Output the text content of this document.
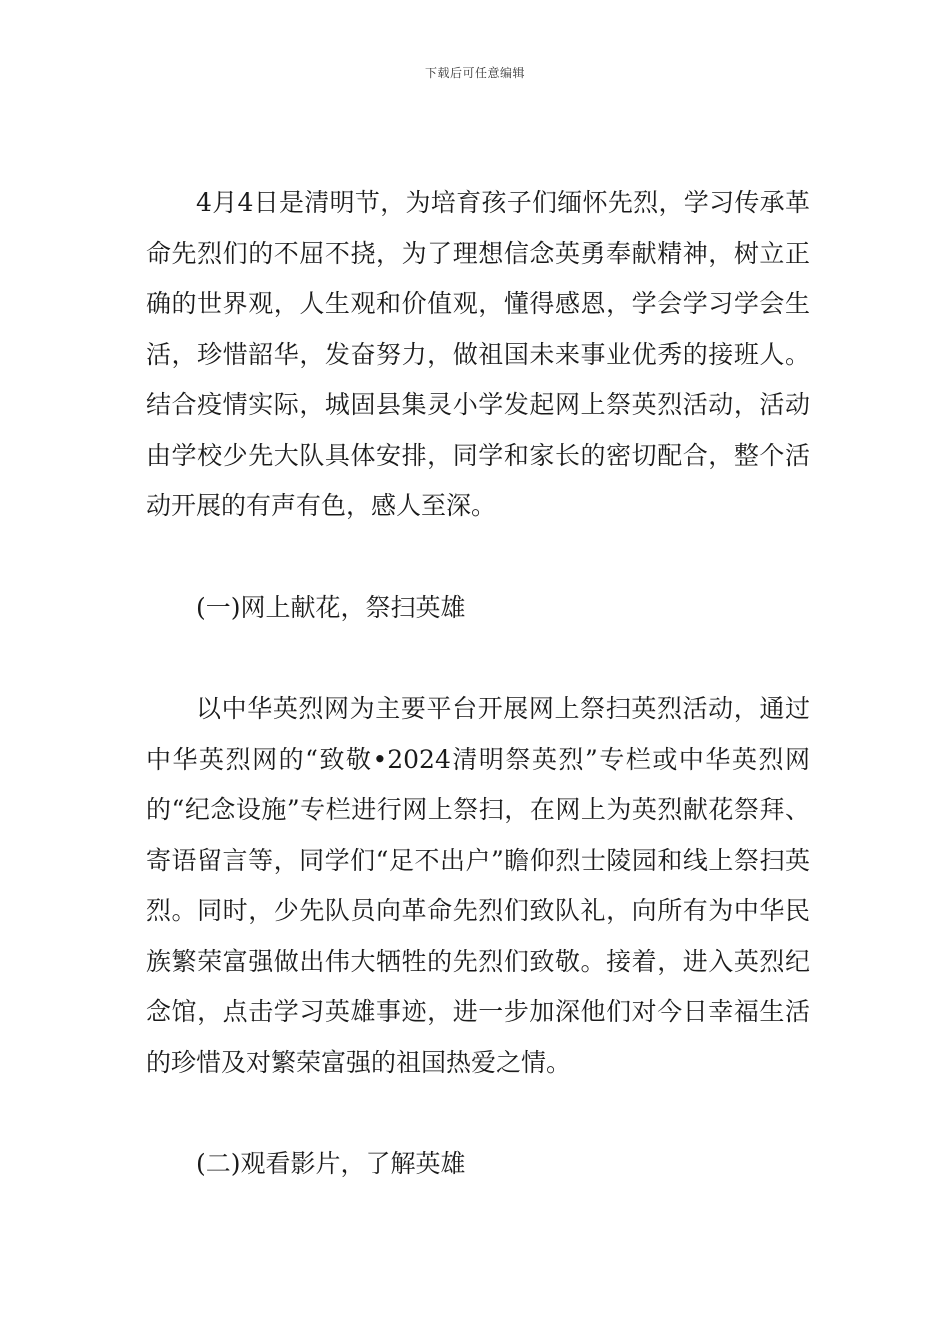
下载后可任意编辑

4月4日是清明节，为培育孩子们缅怀先烈，学习传承革命先烈们的不屈不挠，为了理想信念英勇奉献精神，树立正确的世界观，人生观和价值观，懂得感恩，学会学习学会生活，珍惜韶华，发奋努力，做祖国未来事业优秀的接班人。结合疫情实际，城固县集灵小学发起网上祭英烈活动，活动由学校少先大队具体安排，同学和家长的密切配合，整个活动开展的有声有色，感人至深。

(一)网上献花，祭扫英雄

以中华英烈网为主要平台开展网上祭扫英烈活动，通过中华英烈网的“致敬•2024清明祭英烈”专栏或中华英烈网的“纪念设施”专栏进行网上祭扫，在网上为英烈献花祭拜、寄语留言等，同学们“足不出户”瞻仰烈士陵园和线上祭扫英烈。同时，少先队员向革命先烈们致队礼，向所有为中华民族繁荣富强做出伟大牺牲的先烈们致敬。接着，进入英烈纪念馆，点击学习英雄事迹，进一步加深他们对今日幸福生活的珍惜及对繁荣富强的祖国热爱之情。

(二)观看影片，了解英雄
